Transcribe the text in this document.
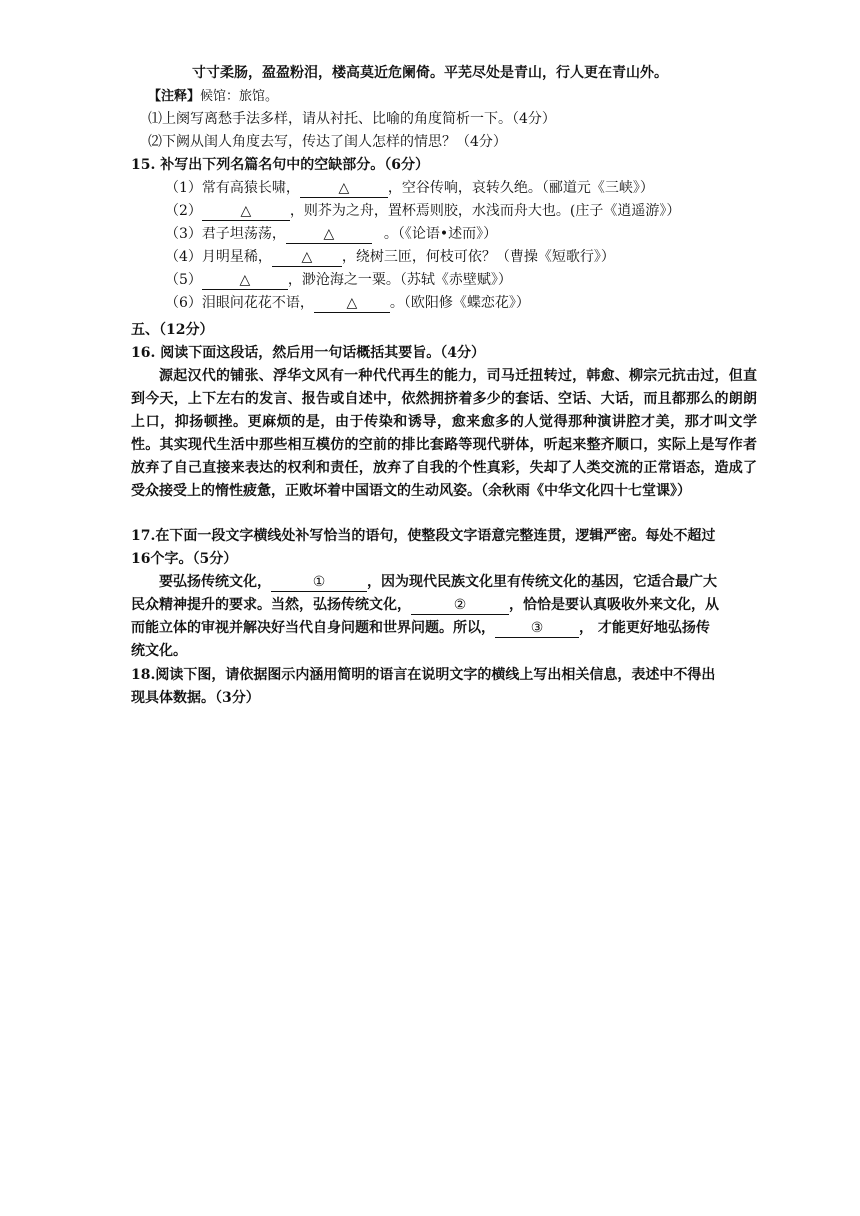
寸寸柔肠，盈盈粉泪，楼高莫近危阑倚。平芜尽处是青山，行人更在青山外。
【注释】候馆：旅馆。
⑴上阕写离愁手法多样，请从衬托、比喻的角度简析一下。（4分）
⑵下阙从闺人角度去写，传达了闺人怎样的情思？（4分）
15. 补写出下列名篇名句中的空缺部分。（6分）
（1）常有高猿长啸，	△	，空谷传响，哀转久绝。（郦道元《三峡》）
（2）	△	，则芥为之舟，置杯焉则胶，水浅而舟大也。(庄子《逍遥游》）
（3）君子坦荡荡，	△	。（《论语•述而》）
（4）月明星稀， △ ，绕树三匝，何枝可依？（曹操《短歌行》）
（5）	△	，渺沧海之一粟。（苏轼《赤壁赋》）
（6）泪眼问花花不语， △ 。（欧阳修《蝶恋花》）
五、（12分）
16. 阅读下面这段话，然后用一句话概括其要旨。（4分）
源起汉代的铺张、浮华文风有一种代代再生的能力，司马迁扭转过，韩愈、柳宗元抗击过，但直到今天，上下左右的发言、报告或自述中，依然拥挤着多少的套话、空话、大话，而且都那么的朗朗上口，抑扬顿挫。更麻烦的是，由于传染和诱导，愈来愈多的人觉得那种演讲腔才美，那才叫文学性。其实现代生活中那些相互模仿的空前的排比套路等现代骈体，听起来整齐顺口，实际上是写作者放弃了自己直接来表达的权利和责任，放弃了自我的个性真彩，失却了人类交流的正常语态，造成了受众接受上的惰性疲惫，正败坏着中国语文的生动风姿。（余秋雨《中华文化四十七堂课》）
17.在下面一段文字横线处补写恰当的语句，使整段文字语意完整连贯，逻辑严密。每处不超过
16个字。（5分）
要弘扬传统文化，	①	，因为现代民族文化里有传统文化的基因，它适合最广大
民众精神提升的要求。当然，弘扬传统文化，	②	，恰恰是要认真吸收外来文化，从
而能立体的审视并解决好当代自身问题和世界问题。所以，	③	， 才能更好地弘扬传
统文化。
18.阅读下图，请依据图示内涵用简明的语言在说明文字的横线上写出相关信息，表述中不得出
现具体数据。（3分）
